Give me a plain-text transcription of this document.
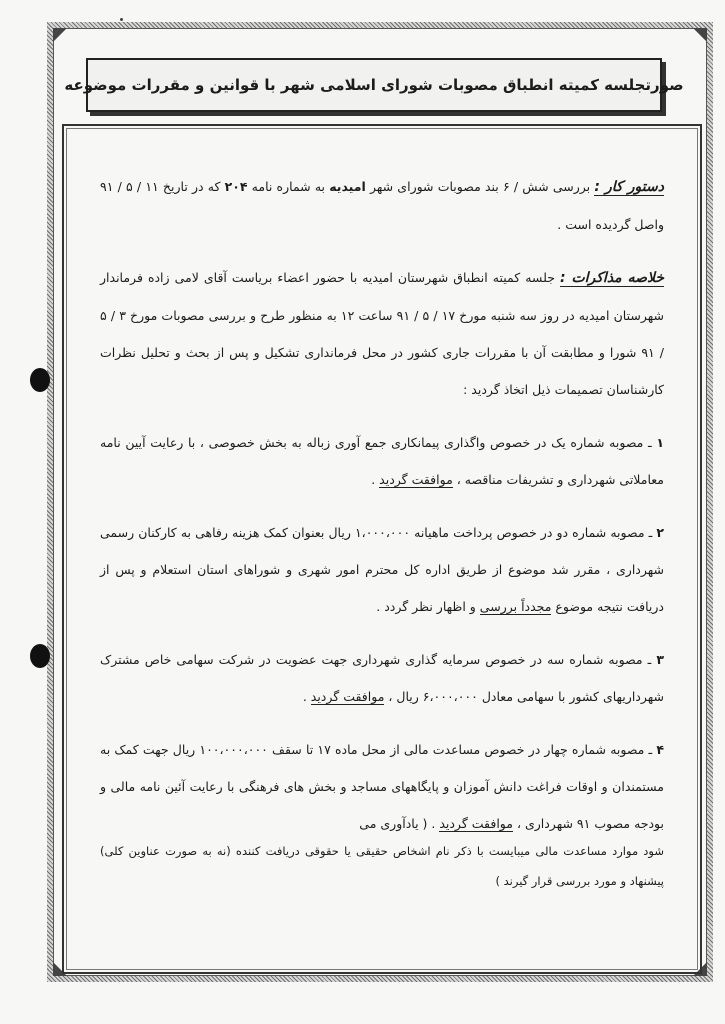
صورتجلسه کمیته انطباق مصوبات شورای اسلامی شهر با قوانین و مقررات موضوعه

دستور کار : بررسی شش / ۶ بند مصوبات شورای شهر امیدیه به شماره نامه ۲۰۴ که در تاریخ ۱۱ / ۵ / ۹۱ واصل گردیده است .

خلاصه مذاکرات : جلسه کمیته انطباق شهرستان امیدیه با حضور اعضاء بریاست آقای لامی زاده فرماندار شهرستان امیدیه در روز سه شنبه مورخ ۱۷ / ۵ / ۹۱ ساعت ۱۲ به منظور طرح و بررسی مصوبات مورخ ۳ / ۵ / ۹۱ شورا و مطابقت آن با مقررات جاری کشور در محل فرمانداری تشکیل و پس از بحث و تحلیل نظرات کارشناسان تصمیمات ذیل اتخاذ گردید :

۱ ـ مصوبه شماره یک در خصوص واگذاری پیمانکاری جمع آوری زباله به بخش خصوصی ، با رعایت آیین نامه معاملاتی شهرداری و تشریفات مناقصه ، موافقت گردید .

۲ ـ مصوبه شماره دو در خصوص پرداخت ماهیانه ۱،۰۰۰،۰۰۰ ریال بعنوان کمک هزینه رفاهی به کارکنان رسمی شهرداری ، مقرر شد موضوع از طریق اداره کل محترم امور شهری و شوراهای استان استعلام و پس از دریافت نتیجه موضوع مجدداً بررسی و اظهار نظر گردد .

۳ ـ مصوبه شماره سه در خصوص سرمایه گذاری شهرداری جهت عضویت در شرکت سهامی خاص مشترک شهرداریهای کشور با سهامی معادل ۶،۰۰۰،۰۰۰ ریال ، موافقت گردید .

۴ ـ مصوبه شماره چهار در خصوص مساعدت مالی از محل ماده ۱۷ تا سقف ۱۰۰،۰۰۰،۰۰۰ ریال جهت کمک به مستمندان و اوقات فراغت دانش آموزان و پایگاههای مساجد و بخش های فرهنگی با رعایت آئین نامه مالی و بودجه مصوب ۹۱ شهرداری ، موافقت گردید . ( یادآوری می

شود موارد مساعدت مالی میبایست با ذکر نام اشخاص حقیقی یا حقوقی دریافت کننده (نه به صورت عناوین کلی) پیشنهاد و مورد بررسی قرار گیرند )
